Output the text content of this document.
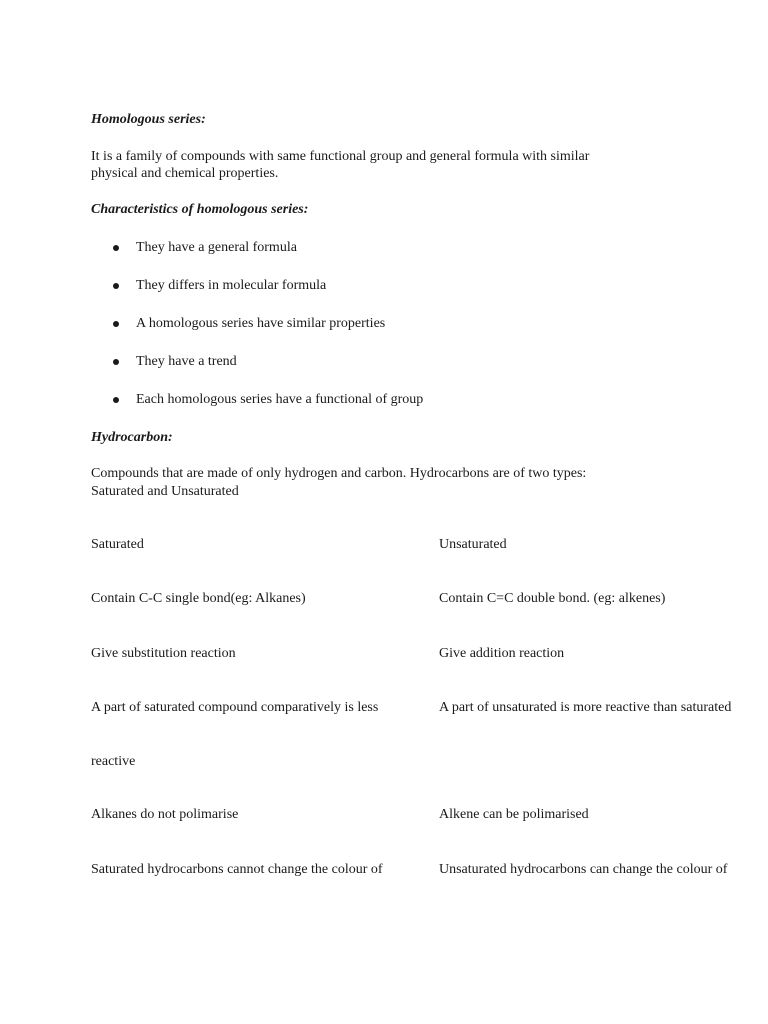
Homologous series:
It is a family of compounds with same functional group and general formula with similar
physical and chemical properties.
Characteristics of homologous series:
They have a general formula
They differs in molecular formula
A homologous series have similar properties
They have a trend
Each homologous series have a functional of group
Hydrocarbon:
Compounds that are made of only hydrogen and carbon. Hydrocarbons are of two types:
Saturated and Unsaturated
Saturated	Unsaturated
Contain C-C single bond(eg: Alkanes)	Contain C=C double bond. (eg: alkenes)
Give substitution reaction	Give addition reaction
A part of saturated compound comparatively is less	A part of unsaturated is more reactive than saturated
reactive
Alkanes do not polimarise	Alkene can be polimarised
Saturated hydrocarbons cannot change the colour of	Unsaturated hydrocarbons can change the colour of
